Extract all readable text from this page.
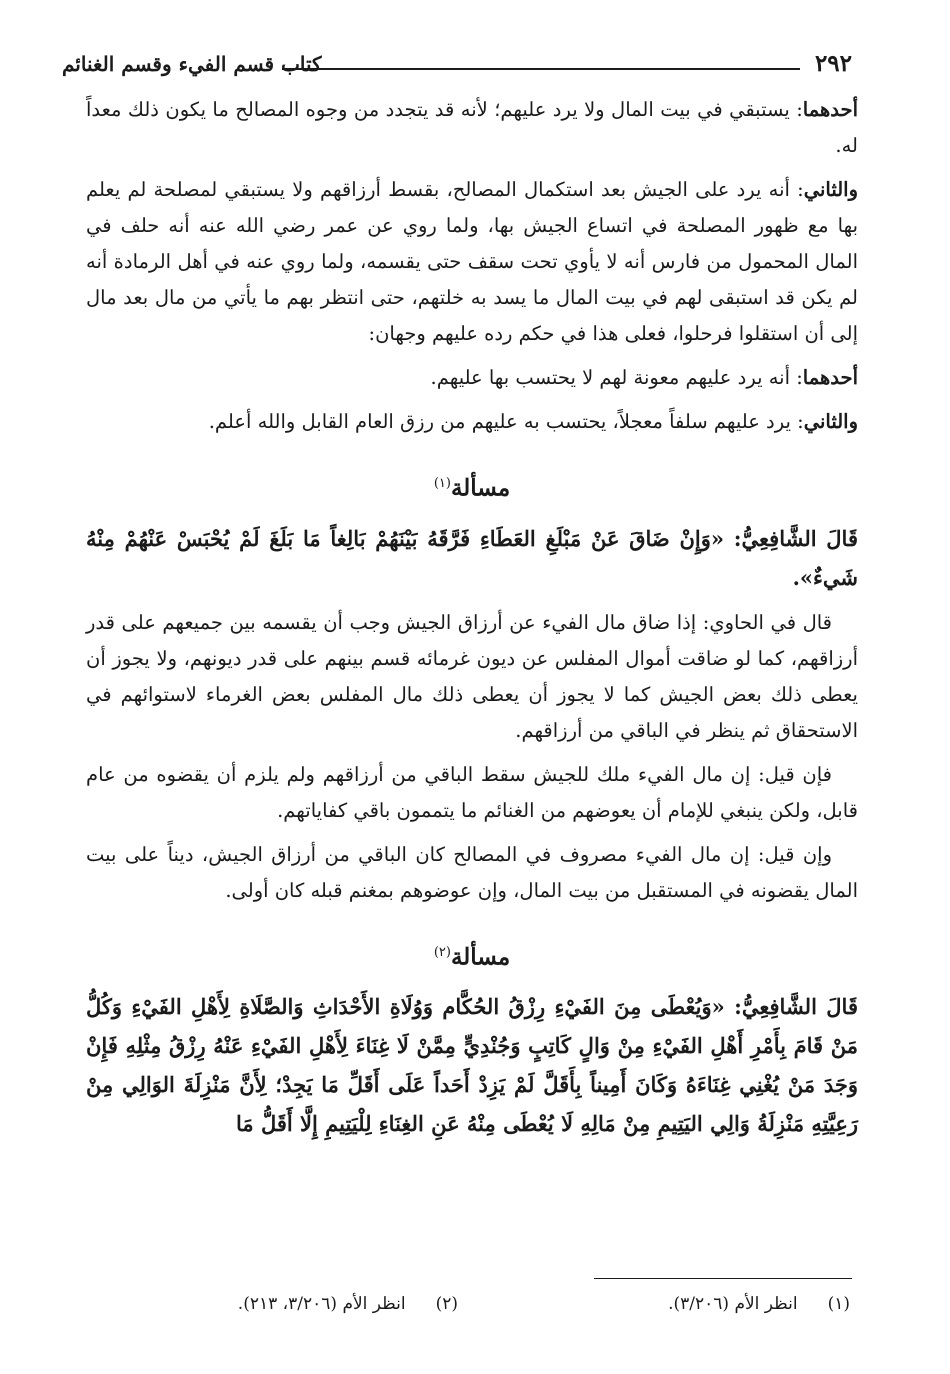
٢٩٢
كتاب قسم الفيء وقسم الغنائم

أحدهما: يستبقي في بيت المال ولا يرد عليهم؛ لأنه قد يتجدد من وجوه المصالح ما يكون ذلك معداً له.

والثاني: أنه يرد على الجيش بعد استكمال المصالح، بقسط أرزاقهم ولا يستبقي لمصلحة لم يعلم بها مع ظهور المصلحة في اتساع الجيش بها، ولما روي عن عمر رضي الله عنه أنه حلف في المال المحمول من فارس أنه لا يأوي تحت سقف حتى يقسمه، ولما روي عنه في أهل الرمادة أنه لم يكن قد استبقى لهم في بيت المال ما يسد به خلتهم، حتى انتظر بهم ما يأتي من مال بعد مال إلى أن استقلوا فرحلوا، فعلى هذا في حكم رده عليهم وجهان:

أحدهما: أنه يرد عليهم معونة لهم لا يحتسب بها عليهم.

والثاني: يرد عليهم سلفاً معجلاً، يحتسب به عليهم من رزق العام القابل والله أعلم.

مسألة$^{(١)}$

قَالَ الشَّافِعِيُّ: «وَإِنْ ضَاقَ عَنْ مَبْلَغِ العَطَاءِ فَرَّقَهُ بَيْنَهُمْ بَالِغاً مَا بَلَغَ لَمْ يُحْبَسْ عَنْهُمْ مِنْهُ شَيءٌ».

قال في الحاوي: إذا ضاق مال الفيء عن أرزاق الجيش وجب أن يقسمه بين جميعهم على قدر أرزاقهم، كما لو ضاقت أموال المفلس عن ديون غرمائه قسم بينهم على قدر ديونهم، ولا يجوز أن يعطى ذلك بعض الجيش كما لا يجوز أن يعطى ذلك مال المفلس بعض الغرماء لاستوائهم في الاستحقاق ثم ينظر في الباقي من أرزاقهم.

فإن قيل: إن مال الفيء ملك للجيش سقط الباقي من أرزاقهم ولم يلزم أن يقضوه من عام قابل، ولكن ينبغي للإمام أن يعوضهم من الغنائم ما يتممون باقي كفاياتهم.

وإن قيل: إن مال الفيء مصروف في المصالح كان الباقي من أرزاق الجيش، ديناً على بيت المال يقضونه في المستقبل من بيت المال، وإن عوضوهم بمغنم قبله كان أولى.

مسألة$^{(٢)}$

قَالَ الشَّافِعِيُّ: «وَيُعْطَى مِنَ الفَيْءِ رِزْقُ الحُكَّام وَوُلَاةِ الأَحْدَاثِ وَالصَّلَاةِ لِأَهْلِ الفَيْءِ وَكُلُّ مَنْ قَامَ بِأَمْرِ أَهْلِ الفَيْءِ مِنْ وَالٍ كَاتِبٍ وَجُنْدِيٍّ مِمَّنْ لَا غِنَاءَ لِأَهْلِ الفَيْءِ عَنْهُ رِزْقُ مِثْلِهِ فَإِنْ وَجَدَ مَنْ يُغْنِي غِنَاءَهُ وَكَانَ أَمِيناً بِأَقَلَّ لَمْ يَزِدْ أَحَداً عَلَى أَقَلِّ مَا يَجِدْ؛ لِأَنَّ مَنْزِلَةَ الوَالِي مِنْ رَعِيَّتِهِ مَنْزِلَةُ وَالِي اليَتِيمِ مِنْ مَالِهِ لَا يُعْطَى مِنْهُ عَنِ الغِنَاءِ لِلْيَتِيمِ إِلَّا أَقَلُّ مَا

(١)انظر الأم (٣/٢٠٦).
(٢)انظر الأم (٣/٢٠٦، ٢١٣).
